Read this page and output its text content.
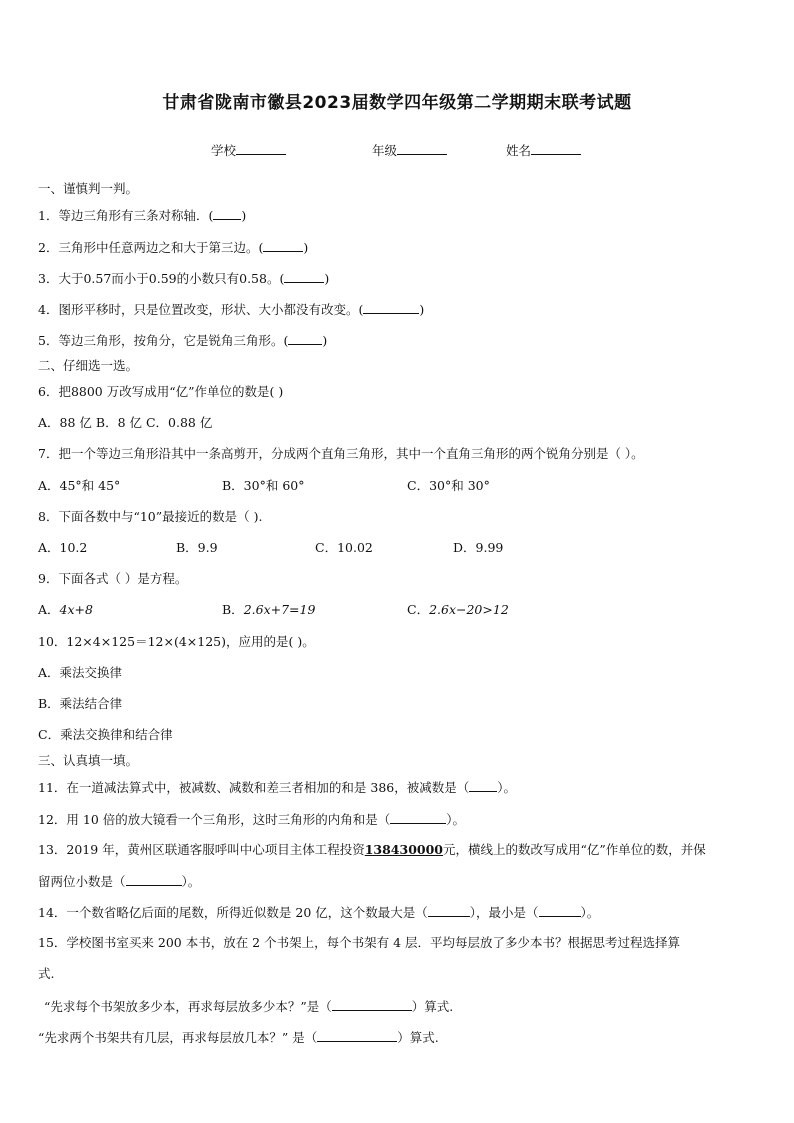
甘肃省陇南市徽县2023届数学四年级第二学期期末联考试题
学校	年级	姓名
一、谨慎判一判。
1．等边三角形有三条对称轴．( )
2．三角形中任意两边之和大于第三边。(	)
3．大于0.57而小于0.59的小数只有0.58。(	)
4．图形平移时，只是位置改变，形状、大小都没有改变。(	)
5．等边三角形，按角分，它是锐角三角形。(	)
二、仔细选一选。
6．把8800 万改写成用“亿”作单位的数是( )
A．88 亿 B．8 亿 C．0.88 亿
7．把一个等边三角形沿其中一条高剪开，分成两个直角三角形，其中一个直角三角形的两个锐角分别是（ ）。
A．45°和 45°	B．30°和 60°	C．30°和 30°
8．下面各数中与“10”最接近的数是（ ).
A．10.2	B．9.9	C．10.02	D．9.99
9．下面各式（ ）是方程。
A．4x+8	B．2.6x+7=19	C．2.6x−20>12
10．12×4×125＝12×(4×125)，应用的是( )。
A．乘法交换律
B．乘法结合律
C．乘法交换律和结合律
三、认真填一填。
11．在一道减法算式中，被减数、减数和差三者相加的和是 386，被减数是（ ）。
12．用 10 倍的放大镜看一个三角形，这时三角形的内角和是（	）。
13．2019 年，黄州区联通客服呼叫中心项目主体工程投资138430000元，横线上的数改写成用“亿”作单位的数，并保
留两位小数是（	）。
14．一个数省略亿后面的尾数，所得近似数是 20 亿，这个数最大是（	），最小是（	）。
15．学校图书室买来 200 本书，放在 2 个书架上，每个书架有 4 层．平均每层放了多少本书？根据思考过程选择算
式.
“先求每个书架放多少本，再求每层放多少本？”是（	）算式.
“先求两个书架共有几层，再求每层放几本？” 是（	）算式.
